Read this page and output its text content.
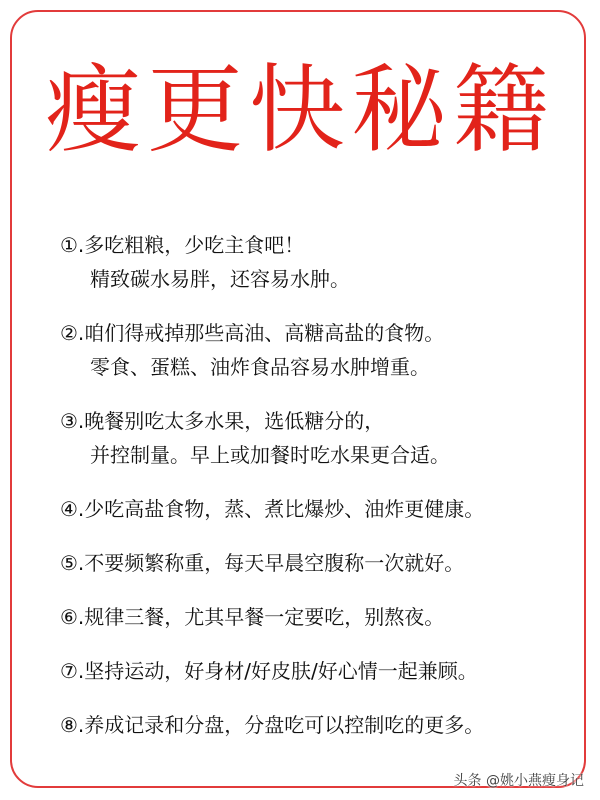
瘦更快秘籍
①.多吃粗粮，少吃主食吧！
精致碳水易胖，还容易水肿。
②.咱们得戒掉那些高油、高糖高盐的食物。
零食、蛋糕、油炸食品容易水肿增重。
③.晚餐别吃太多水果，选低糖分的，
并控制量。早上或加餐时吃水果更合适。
④.少吃高盐食物，蒸、煮比爆炒、油炸更健康。
⑤.不要频繁称重，每天早晨空腹称一次就好。
⑥.规律三餐，尤其早餐一定要吃，别熬夜。
⑦.坚持运动，好身材/好皮肤/好心情一起兼顾。
⑧.养成记录和分盘，分盘吃可以控制吃的更多。
头条 @姚小燕瘦身记
